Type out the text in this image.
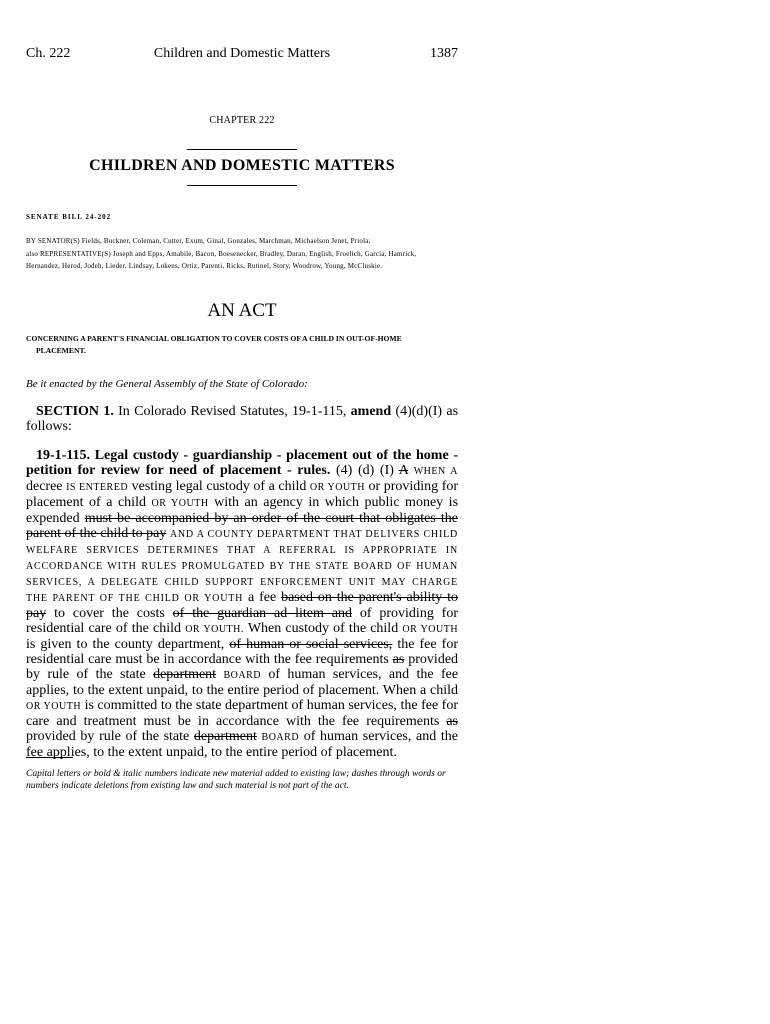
Ch. 222	Children and Domestic Matters	1387
CHAPTER 222
CHILDREN AND DOMESTIC MATTERS
SENATE BILL 24-202
BY SENATOR(S) Fields, Buckner, Coleman, Cutter, Exum, Ginal, Gonzales, Marchman, Michaelson Jenet, Priola;
also REPRESENTATIVE(S) Joseph and Epps, Amabile, Bacon, Boesenecker, Bradley, Duran, English, Froelich, Garcia, Hamrick,
Hernandez, Herod, Jodeh, Lieder, Lindsay, Lukens, Ortiz, Parenti, Ricks, Rutinel, Story, Woodrow, Young, McCluskie.
AN ACT
CONCERNING A PARENT'S FINANCIAL OBLIGATION TO COVER COSTS OF A CHILD IN OUT-OF-HOME
PLACEMENT.
Be it enacted by the General Assembly of the State of Colorado:
SECTION 1. In Colorado Revised Statutes, 19-1-115, amend (4)(d)(I) as follows:
19-1-115. Legal custody - guardianship - placement out of the home - petition for review for need of placement - rules. (4) (d) (I) A WHEN A decree IS ENTERED vesting legal custody of a child OR YOUTH or providing for placement of a child OR YOUTH with an agency in which public money is expended must be accompanied by an order of the court that obligates the parent of the child to pay AND A COUNTY DEPARTMENT THAT DELIVERS CHILD WELFARE SERVICES DETERMINES THAT A REFERRAL IS APPROPRIATE IN ACCORDANCE WITH RULES PROMULGATED BY THE STATE BOARD OF HUMAN SERVICES, A DELEGATE CHILD SUPPORT ENFORCEMENT UNIT MAY CHARGE THE PARENT OF THE CHILD OR YOUTH a fee based on the parent's ability to pay to cover the costs of the guardian ad litem and of providing for residential care of the child OR YOUTH. When custody of the child OR YOUTH is given to the county department, of human or social services, the fee for residential care must be in accordance with the fee requirements as provided by rule of the state department BOARD of human services, and the fee applies, to the extent unpaid, to the entire period of placement. When a child OR YOUTH is committed to the state department of human services, the fee for care and treatment must be in accordance with the fee requirements as provided by rule of the state department BOARD of human services, and the fee applies, to the extent unpaid, to the entire period of placement.
Capital letters or bold & italic numbers indicate new material added to existing law; dashes through words or numbers indicate deletions from existing law and such material is not part of the act.
